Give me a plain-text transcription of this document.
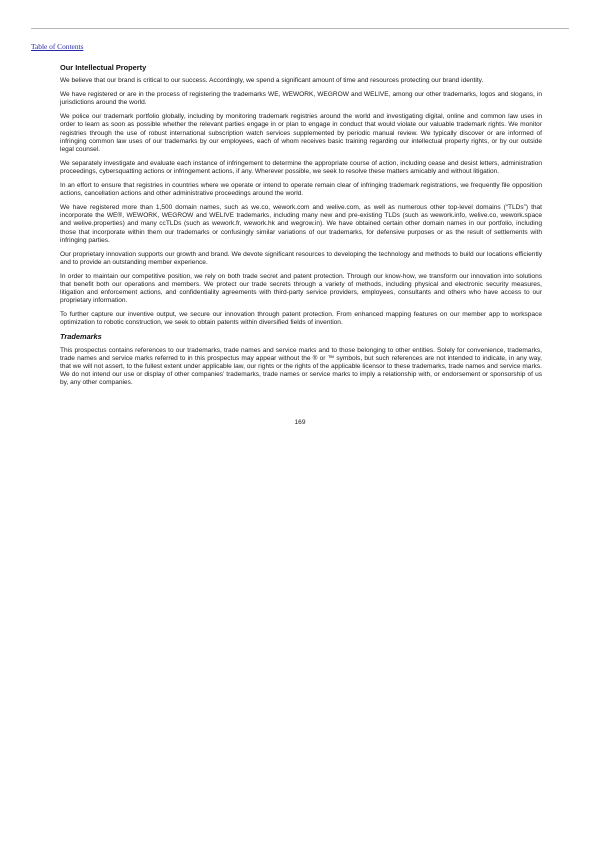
Table of Contents
Our Intellectual Property

We believe that our brand is critical to our success. Accordingly, we spend a significant amount of time and resources protecting our brand identity.

We have registered or are in the process of registering the trademarks WE, WEWORK, WEGROW and WELIVE, among our other trademarks, logos and slogans, in jurisdictions around the world.

We police our trademark portfolio globally, including by monitoring trademark registries around the world and investigating digital, online and common law uses in order to learn as soon as possible whether the relevant parties engage in or plan to engage in conduct that would violate our valuable trademark rights. We monitor registries through the use of robust international subscription watch services supplemented by periodic manual review. We typically discover or are informed of infringing common law uses of our trademarks by our employees, each of whom receives basic training regarding our intellectual property rights, or by our outside legal counsel.

We separately investigate and evaluate each instance of infringement to determine the appropriate course of action, including cease and desist letters, administration proceedings, cybersquatting actions or infringement actions, if any. Wherever possible, we seek to resolve these matters amicably and without litigation.

In an effort to ensure that registries in countries where we operate or intend to operate remain clear of infringing trademark registrations, we frequently file opposition actions, cancellation actions and other administrative proceedings around the world.

We have registered more than 1,500 domain names, such as we.co, wework.com and welive.com, as well as numerous other top-level domains (“TLDs”) that incorporate the WE®, WEWORK, WEGROW and WELIVE trademarks, including many new and pre-existing TLDs (such as wework.info, welive.co, wework.space and welive.properties) and many ccTLDs (such as wework.fr, wework.hk and wegrow.in). We have obtained certain other domain names in our portfolio, including those that incorporate within them our trademarks or confusingly similar variations of our trademarks, for defensive purposes or as the result of settlements with infringing parties.

Our proprietary innovation supports our growth and brand. We devote significant resources to developing the technology and methods to build our locations efficiently and to provide an outstanding member experience.

In order to maintain our competitive position, we rely on both trade secret and patent protection. Through our know-how, we transform our innovation into solutions that benefit both our operations and members. We protect our trade secrets through a variety of methods, including physical and electronic security measures, litigation and enforcement actions, and confidentiality agreements with third-party service providers, employees, consultants and others who have access to our proprietary information.

To further capture our inventive output, we secure our innovation through patent protection. From enhanced mapping features on our member app to workspace optimization to robotic construction, we seek to obtain patents within diversified fields of invention.

Trademarks

This prospectus contains references to our trademarks, trade names and service marks and to those belonging to other entities. Solely for convenience, trademarks, trade names and service marks referred to in this prospectus may appear without the ® or ™ symbols, but such references are not intended to indicate, in any way, that we will not assert, to the fullest extent under applicable law, our rights or the rights of the applicable licensor to these trademarks, trade names and service marks. We do not intend our use or display of other companies’ trademarks, trade names or service marks to imply a relationship with, or endorsement or sponsorship of us by, any other companies.

169
